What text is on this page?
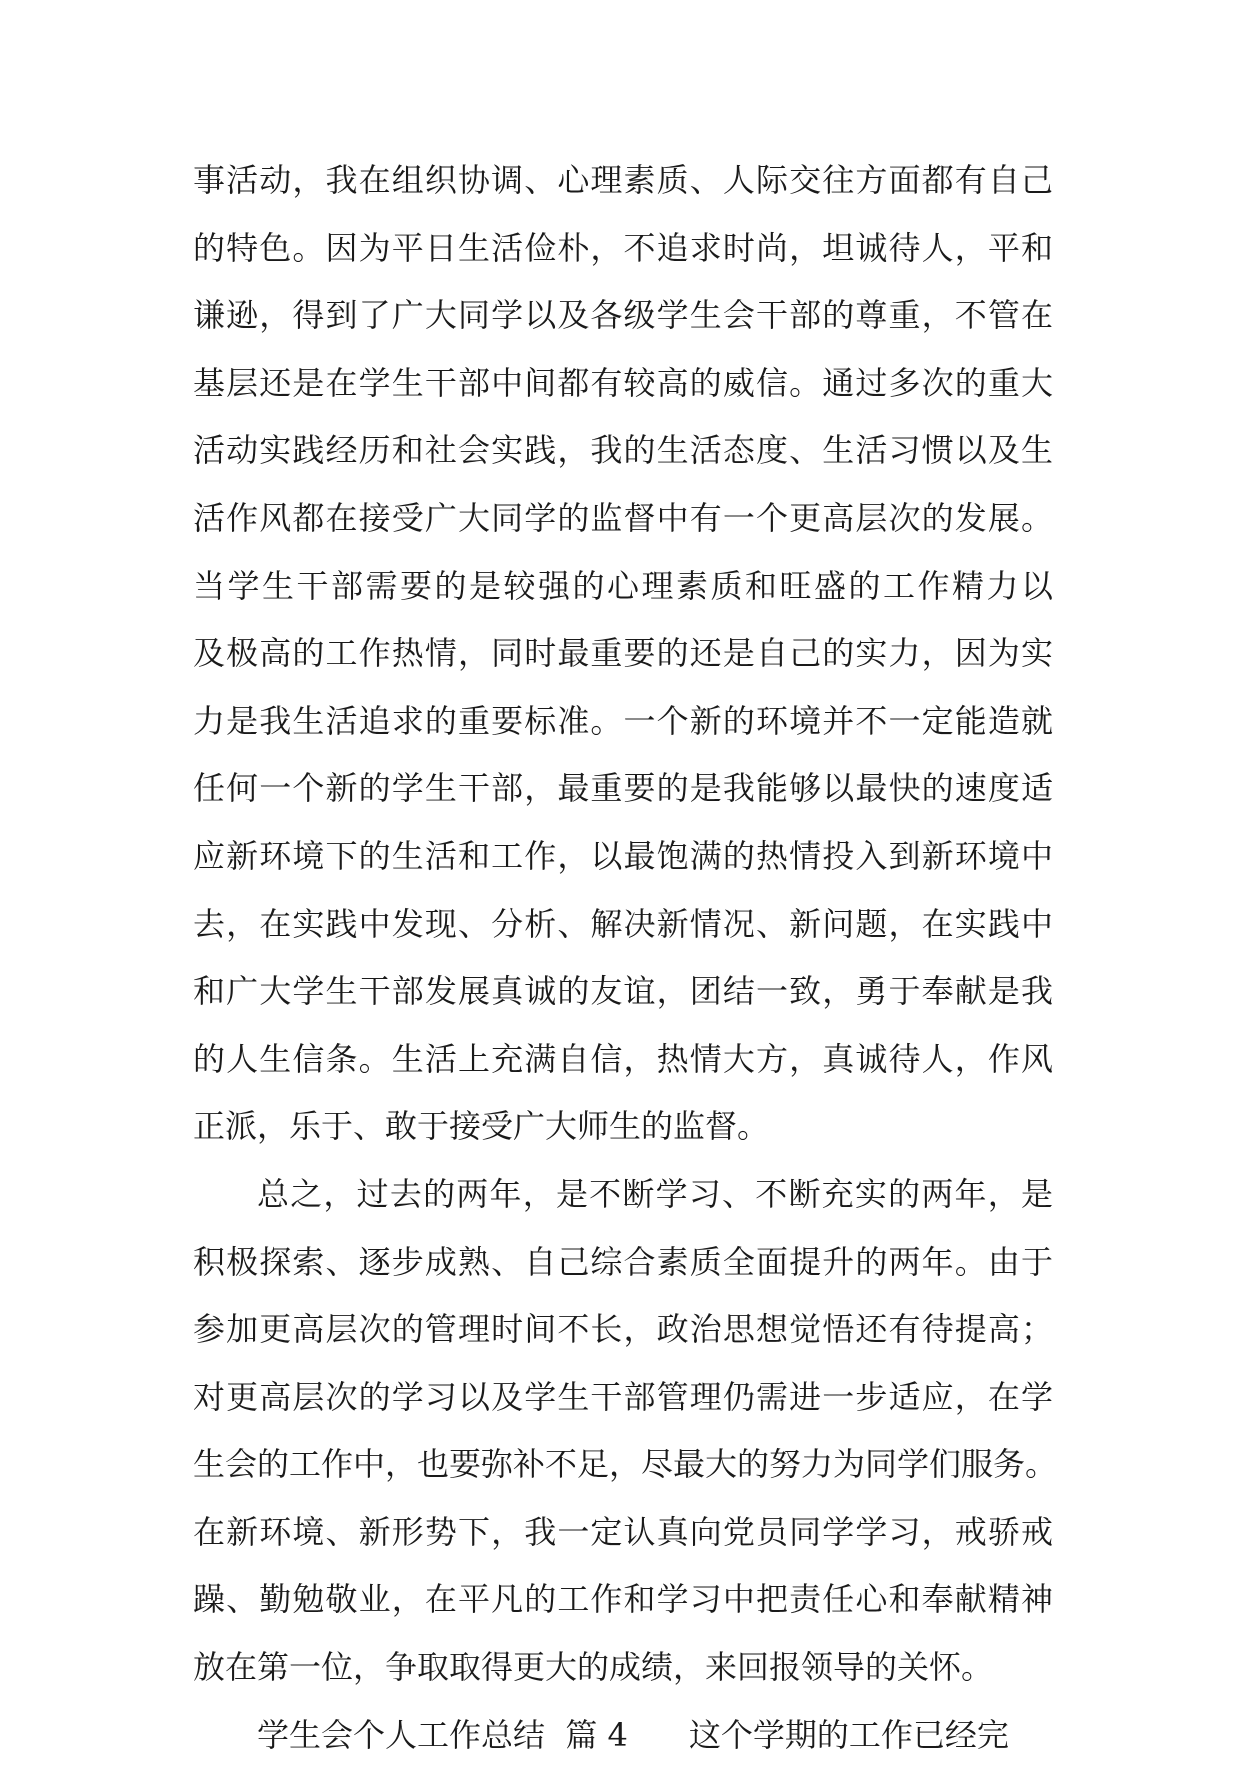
事活动，我在组织协调、心理素质、人际交往方面都有自己
的特色。因为平日生活俭朴，不追求时尚，坦诚待人，平和
谦逊，得到了广大同学以及各级学生会干部的尊重，不管在
基层还是在学生干部中间都有较高的威信。通过多次的重大
活动实践经历和社会实践，我的生活态度、生活习惯以及生
活作风都在接受广大同学的监督中有一个更高层次的发展。
当学生干部需要的是较强的心理素质和旺盛的工作精力以
及极高的工作热情，同时最重要的还是自己的实力，因为实
力是我生活追求的重要标准。一个新的环境并不一定能造就
任何一个新的学生干部，最重要的是我能够以最快的速度适
应新环境下的生活和工作，以最饱满的热情投入到新环境中
去，在实践中发现、分析、解决新情况、新问题，在实践中
和广大学生干部发展真诚的友谊，团结一致，勇于奉献是我
的人生信条。生活上充满自信，热情大方，真诚待人，作风
正派，乐于、敢于接受广大师生的监督。
总之，过去的两年，是不断学习、不断充实的两年，是
积极探索、逐步成熟、自己综合素质全面提升的两年。由于
参加更高层次的管理时间不长，政治思想觉悟还有待提高；
对更高层次的学习以及学生干部管理仍需进一步适应，在学
生会的工作中，也要弥补不足，尽最大的努力为同学们服务。
在新环境、新形势下，我一定认真向党员同学学习，戒骄戒
躁、勤勉敬业，在平凡的工作和学习中把责任心和奉献精神
放在第一位，争取取得更大的成绩，来回报领导的关怀。
学生会个人工作总结  篇 4      这个学期的工作已经完
